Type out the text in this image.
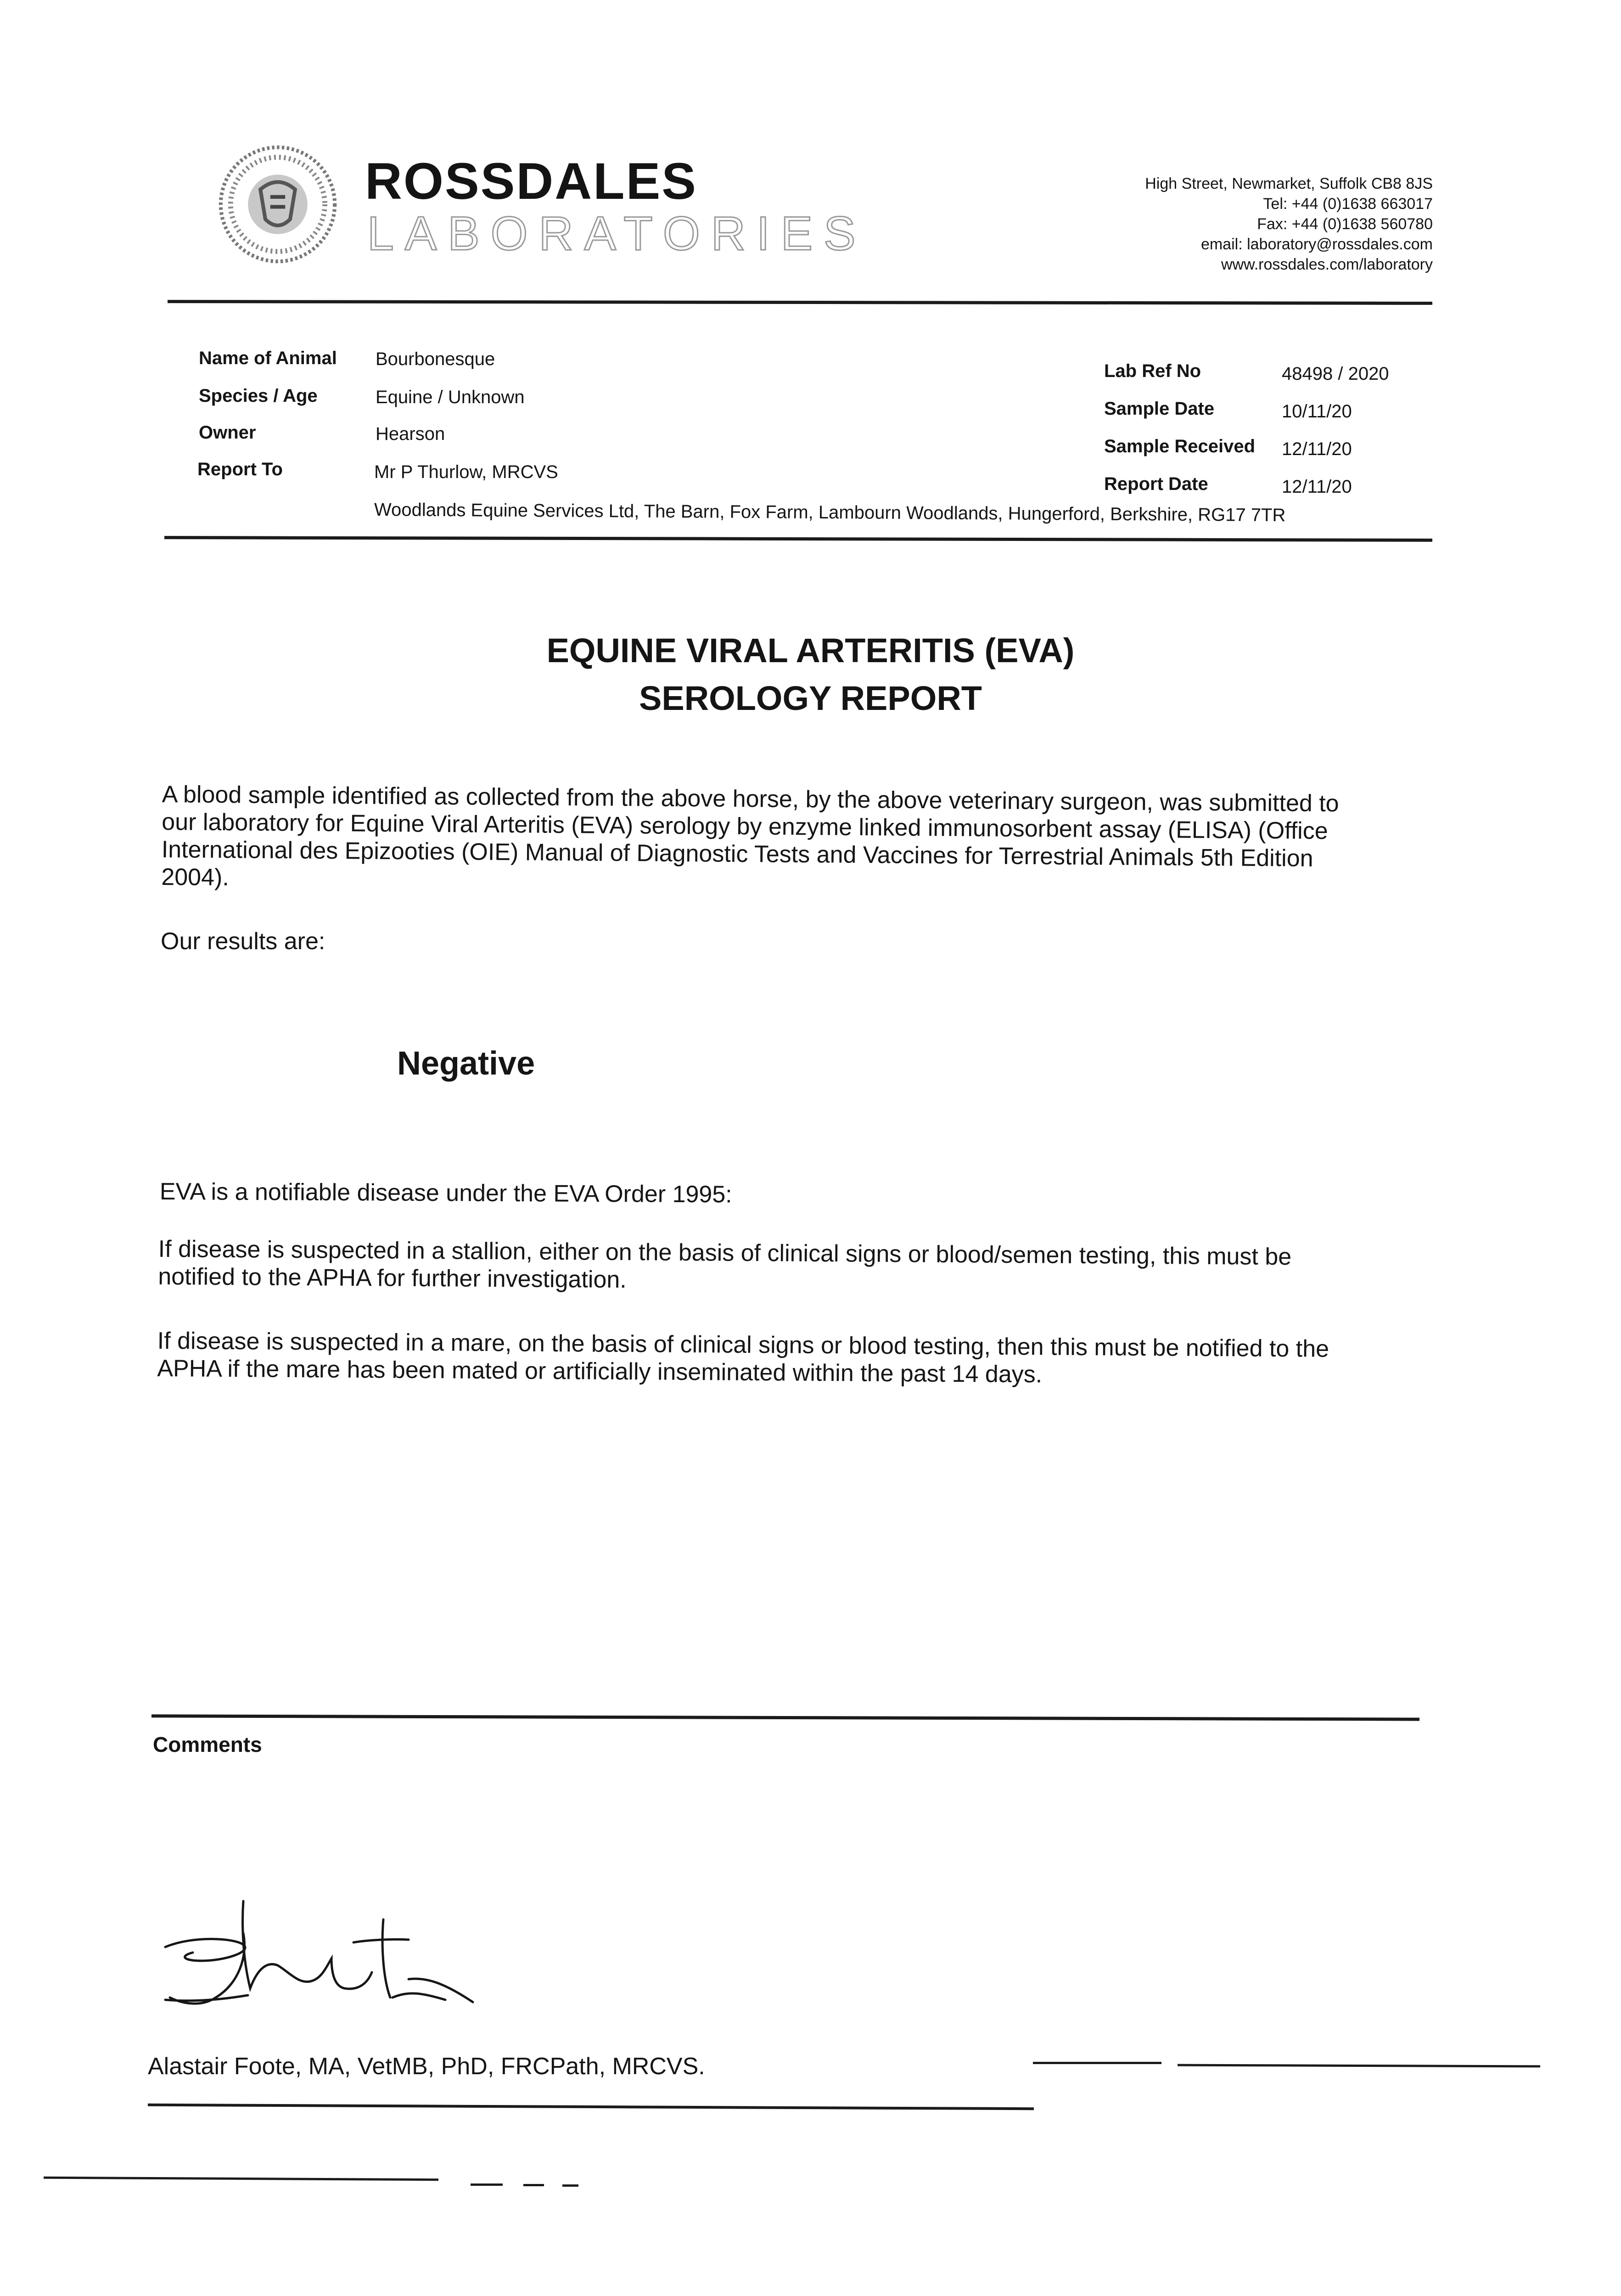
ROSSDALES
LABORATORIES
High Street, Newmarket, Suffolk CB8 8JS
Tel: +44 (0)1638 663017
Fax: +44 (0)1638 560780
email: laboratory@rossdales.com
www.rossdales.com/laboratory
Name of Animal Bourbonesque
Species / Age	Equine / Unknown
Owner	Hearson
Report To	Mr P Thurlow, MRCVS
Woodlands Equine Services Ltd, The Barn, Fox Farm, Lambourn Woodlands, Hungerford, Berkshire, RG17 7TR
Lab Ref No	48498 / 2020
Sample Date	10/11/20
Sample Received 12/11/20
Report Date	12/11/20
EQUINE VIRAL ARTERITIS (EVA)
SEROLOGY REPORT
A blood sample identified as collected from the above horse, by the above veterinary surgeon, was submitted to
our laboratory for Equine Viral Arteritis (EVA) serology by enzyme linked immunosorbent assay (ELISA) (Office
International des Epizooties (OIE) Manual of Diagnostic Tests and Vaccines for Terrestrial Animals 5th Edition
2004).
Our results are:
Negative
EVA is a notifiable disease under the EVA Order 1995:
If disease is suspected in a stallion, either on the basis of clinical signs or blood/semen testing, this must be
notified to the APHA for further investigation.
If disease is suspected in a mare, on the basis of clinical signs or blood testing, then this must be notified to the
APHA if the mare has been mated or artificially inseminated within the past 14 days.
Comments
Alastair Foote, MA, VetMB, PhD, FRCPath, MRCVS.
